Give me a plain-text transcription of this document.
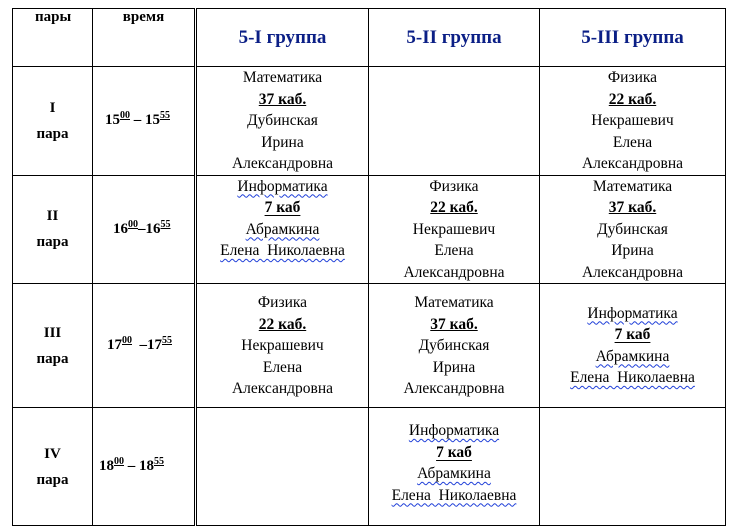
пары	время	5-I группа	5-II группа	5-III группа

I
пара	$15^{00} - 15^{55}$	Математика
37 каб.
Дубинская
Ирина
Александровна		Физика
22 каб.
Некрашевич
Елена
Александровна

II
пара	$16^{00}-16^{55}$	Информатика
7 каб
Абрамкина
Елена  Николаевна	Физика
22 каб.
Некрашевич
Елена
Александровна	Математика
37 каб.
Дубинская
Ирина
Александровна

III
пара	$17^{00}$  $-17^{55}$	Физика
22 каб.
Некрашевич
Елена
Александровна	Математика
37 каб.
Дубинская
Ирина
Александровна	Информатика
7 каб
Абрамкина
Елена  Николаевна

IV
пара	$18^{00} - 18^{55}$		Информатика
7 каб
Абрамкина
Елена  Николаевна	
